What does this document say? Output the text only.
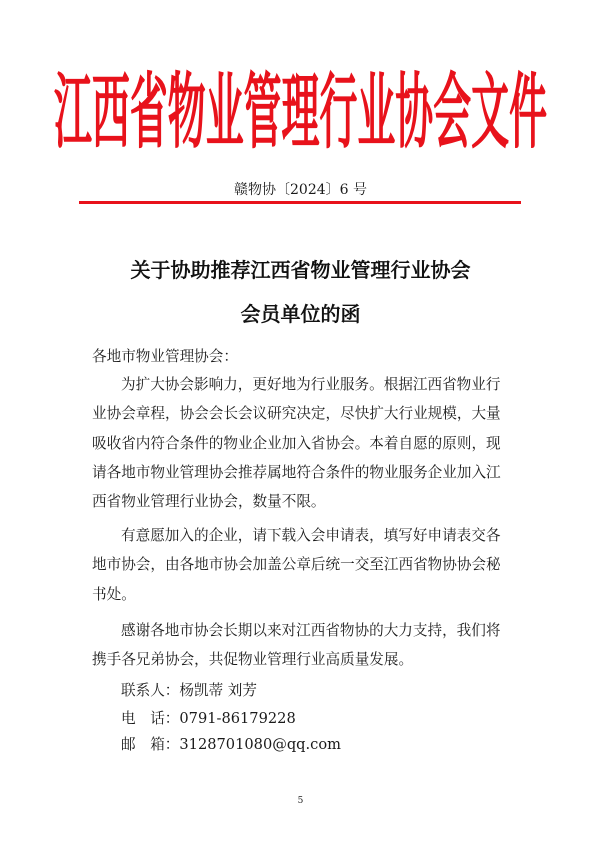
江西省物业管理行业协会文件
赣物协〔2024〕6 号
关于协助推荐江西省物业管理行业协会
会员单位的函
各地市物业管理协会：
为扩大协会影响力，更好地为行业服务。根据江西省物业行业协会章程，协会会长会议研究决定，尽快扩大行业规模，大量吸收省内符合条件的物业企业加入省协会。本着自愿的原则，现请各地市物业管理协会推荐属地符合条件的物业服务企业加入江西省物业管理行业协会，数量不限。
有意愿加入的企业，请下载入会申请表，填写好申请表交各地市协会，由各地市协会加盖公章后统一交至江西省物协协会秘书处。
感谢各地市协会长期以来对江西省物协的大力支持，我们将携手各兄弟协会，共促物业管理行业高质量发展。
联系人：杨凯蒂 刘芳
电　话：0791-86179228
邮　箱：3128701080@qq.com
5
